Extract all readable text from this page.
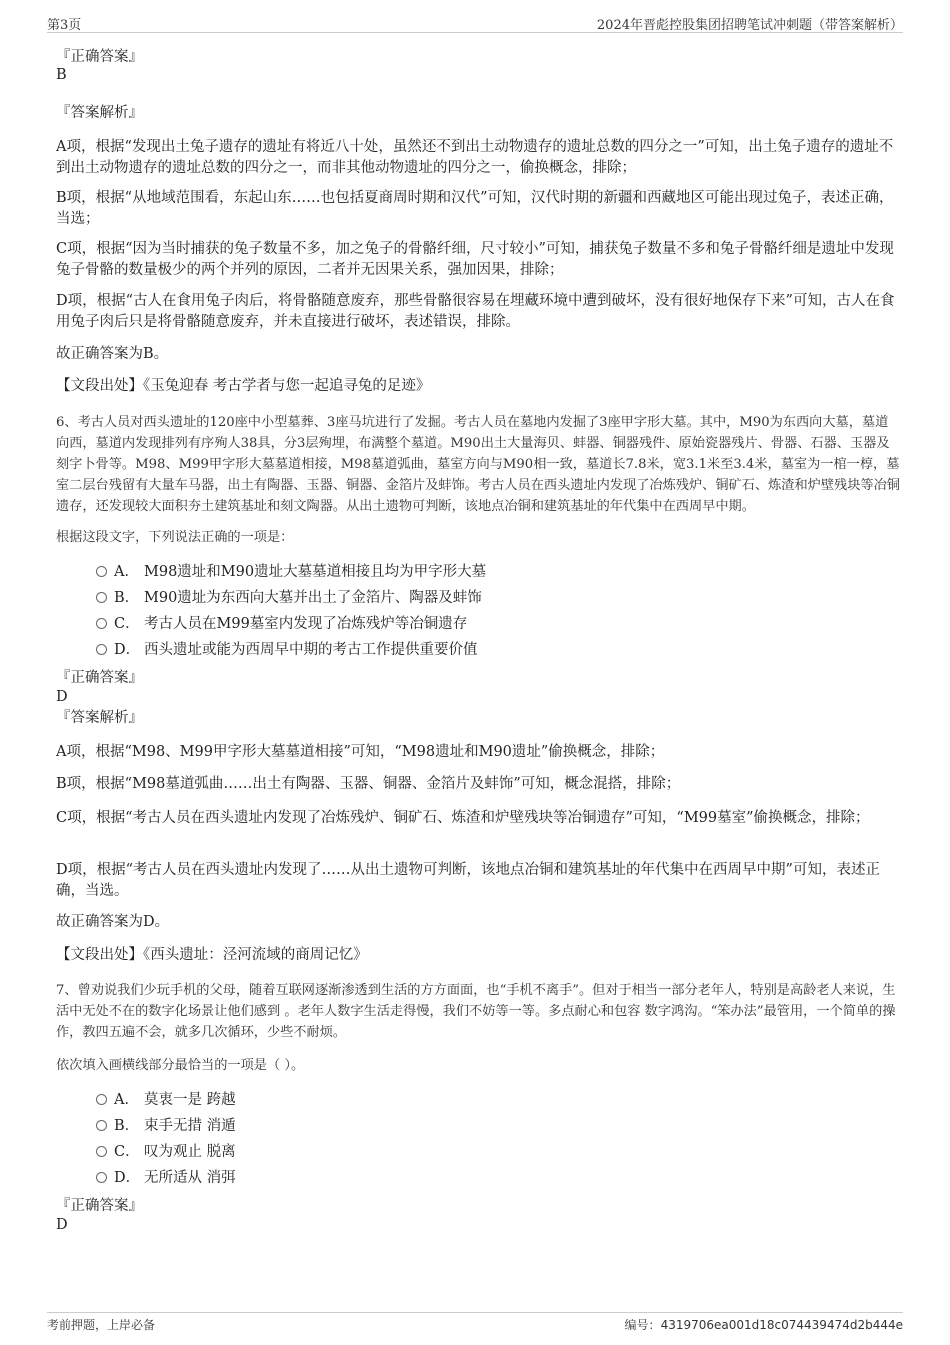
第3页	2024年晋彪控股集团招聘笔试冲刺题（带答案解析）
『正确答案』
B
『答案解析』
A项，根据“发现出土兔子遗存的遗址有将近八十处，虽然还不到出土动物遗存的遗址总数的四分之一”可知，出土兔子遗存的遗址不到出土动物遗存的遗址总数的四分之一，而非其他动物遗址的四分之一，偷换概念，排除；
B项，根据“从地域范围看，东起山东……也包括夏商周时期和汉代”可知，汉代时期的新疆和西藏地区可能出现过兔子，表述正确，当选；
C项，根据“因为当时捕获的兔子数量不多，加之兔子的骨骼纤细，尺寸较小”可知，捕获兔子数量不多和兔子骨骼纤细是遗址中发现兔子骨骼的数量极少的两个并列的原因，二者并无因果关系，强加因果，排除；
D项，根据“古人在食用兔子肉后，将骨骼随意废弃，那些骨骼很容易在埋藏环境中遭到破坏，没有很好地保存下来”可知，古人在食用兔子肉后只是将骨骼随意废弃，并未直接进行破坏，表述错误，排除。
故正确答案为B。
【文段出处】《玉兔迎春 考古学者与您一起追寻兔的足迹》
6、考古人员对西头遗址的120座中小型墓葬、3座马坑进行了发掘。考古人员在墓地内发掘了3座甲字形大墓。其中，M90为东西向大墓，墓道向西，墓道内发现排列有序殉人38具，分3层殉埋，布满整个墓道。M90出土大量海贝、蚌器、铜器残件、原始瓷器残片、骨器、石器、玉器及刻字卜骨等。M98、M99甲字形大墓墓道相接，M98墓道弧曲，墓室方向与M90相一致，墓道长7.8米，宽3.1米至3.4米，墓室为一棺一椁，墓室二层台残留有大量车马器，出土有陶器、玉器、铜器、金箔片及蚌饰。考古人员在西头遗址内发现了冶炼残炉、铜矿石、炼渣和炉壁残块等冶铜遗存，还发现较大面积夯土建筑基址和刻文陶器。从出土遗物可判断，该地点冶铜和建筑基址的年代集中在西周早中期。
根据这段文字，下列说法正确的一项是：
A． M98遗址和M90遗址大墓墓道相接且均为甲字形大墓
B． M90遗址为东西向大墓并出土了金箔片、陶器及蚌饰
C． 考古人员在M99墓室内发现了冶炼残炉等冶铜遗存
D． 西头遗址或能为西周早中期的考古工作提供重要价值
『正确答案』
D
『答案解析』
A项，根据“M98、M99甲字形大墓墓道相接”可知，“M98遗址和M90遗址”偷换概念，排除；
B项，根据“M98墓道弧曲……出土有陶器、玉器、铜器、金箔片及蚌饰”可知，概念混搭，排除；
C项，根据“考古人员在西头遗址内发现了冶炼残炉、铜矿石、炼渣和炉壁残块等冶铜遗存”可知，“M99墓室”偷换概念，排除；
D项，根据“考古人员在西头遗址内发现了……从出土遗物可判断，该地点冶铜和建筑基址的年代集中在西周早中期”可知，表述正确，当选。
故正确答案为D。
【文段出处】《西头遗址：泾河流域的商周记忆》
7、曾劝说我们少玩手机的父母，随着互联网逐渐渗透到生活的方方面面，也“手机不离手”。但对于相当一部分老年人，特别是高龄老人来说，生活中无处不在的数字化场景让他们感到 。老年人数字生活走得慢，我们不妨等一等。多点耐心和包容 数字鸿沟。“笨办法”最管用，一个简单的操作，教四五遍不会，就多几次循环，少些不耐烦。
依次填入画横线部分最恰当的一项是（ ）。
A． 莫衷一是 跨越
B． 束手无措 消遁
C． 叹为观止 脱离
D． 无所适从 消弭
『正确答案』
D
考前押题，上岸必备	编号：4319706ea001d18c074439474d2b444e
